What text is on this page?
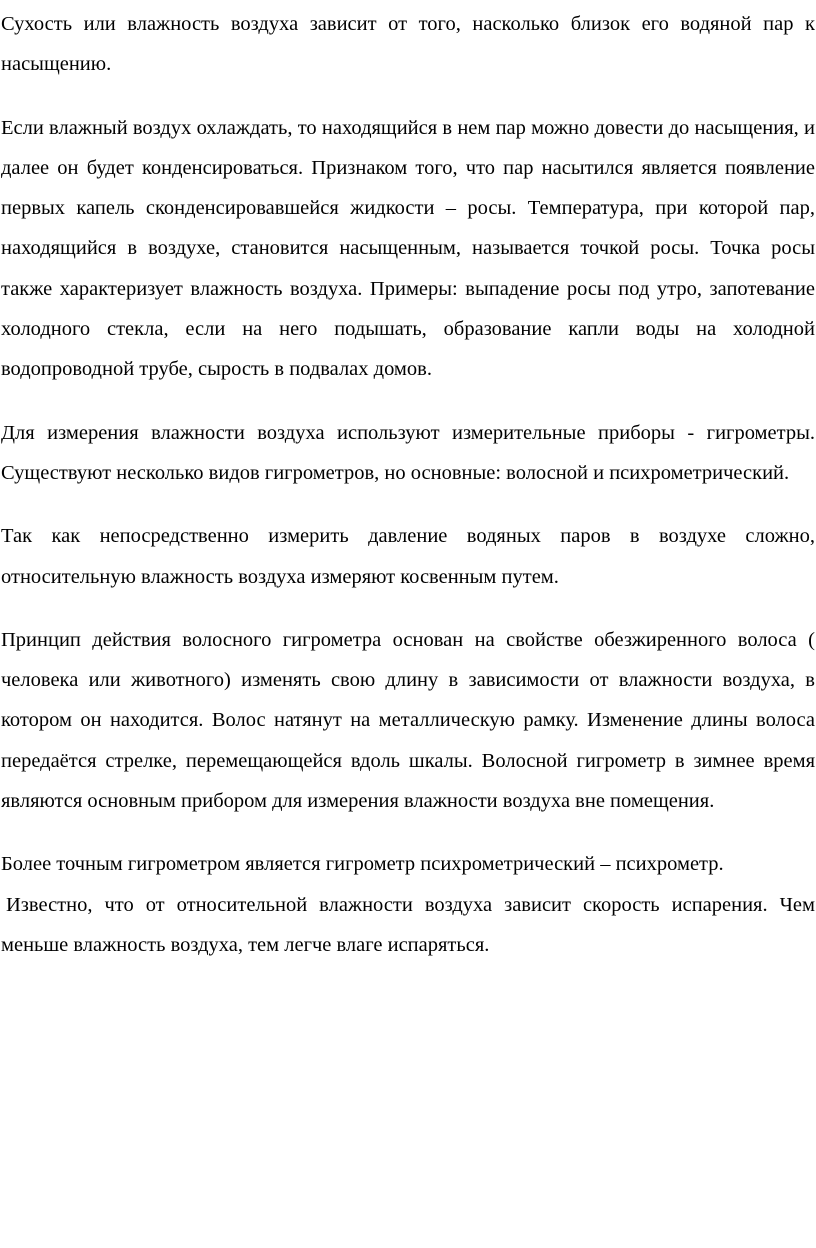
Сухость или влажность воздуха зависит от того, насколько близок его водяной пар к насыщению.

Если влажный воздух охлаждать, то находящийся в нем пар можно довести до насыщения, и далее он будет конденсироваться. Признаком того, что пар насытился является появление первых капель сконденсировавшейся жидкости – росы. Температура, при которой пар, находящийся в воздухе, становится насыщенным, называется точкой росы. Точка росы также характеризует влажность воздуха. Примеры: выпадение росы под утро, запотевание холодного стекла, если на него подышать, образование капли воды на холодной водопроводной трубе, сырость в подвалах домов.

Для измерения влажности воздуха используют измерительные приборы - гигрометры. Существуют несколько видов гигрометров, но основные: волосной и психрометрический.

Так как непосредственно измерить давление водяных паров в воздухе сложно, относительную влажность воздуха измеряют косвенным путем.

Принцип действия волосного гигрометра основан на свойстве обезжиренного волоса ( человека или животного) изменять свою длину в зависимости от влажности воздуха, в котором он находится. Волос натянут на металлическую рамку. Изменение длины волоса передаётся стрелке, перемещающейся вдоль шкалы. Волосной гигрометр в зимнее время являются основным прибором для измерения влажности воздуха вне помещения.

Более точным гигрометром является гигрометр психрометрический – психрометр.

Известно, что от относительной влажности воздуха зависит скорость испарения. Чем меньше влажность воздуха, тем легче влаге испаряться.
